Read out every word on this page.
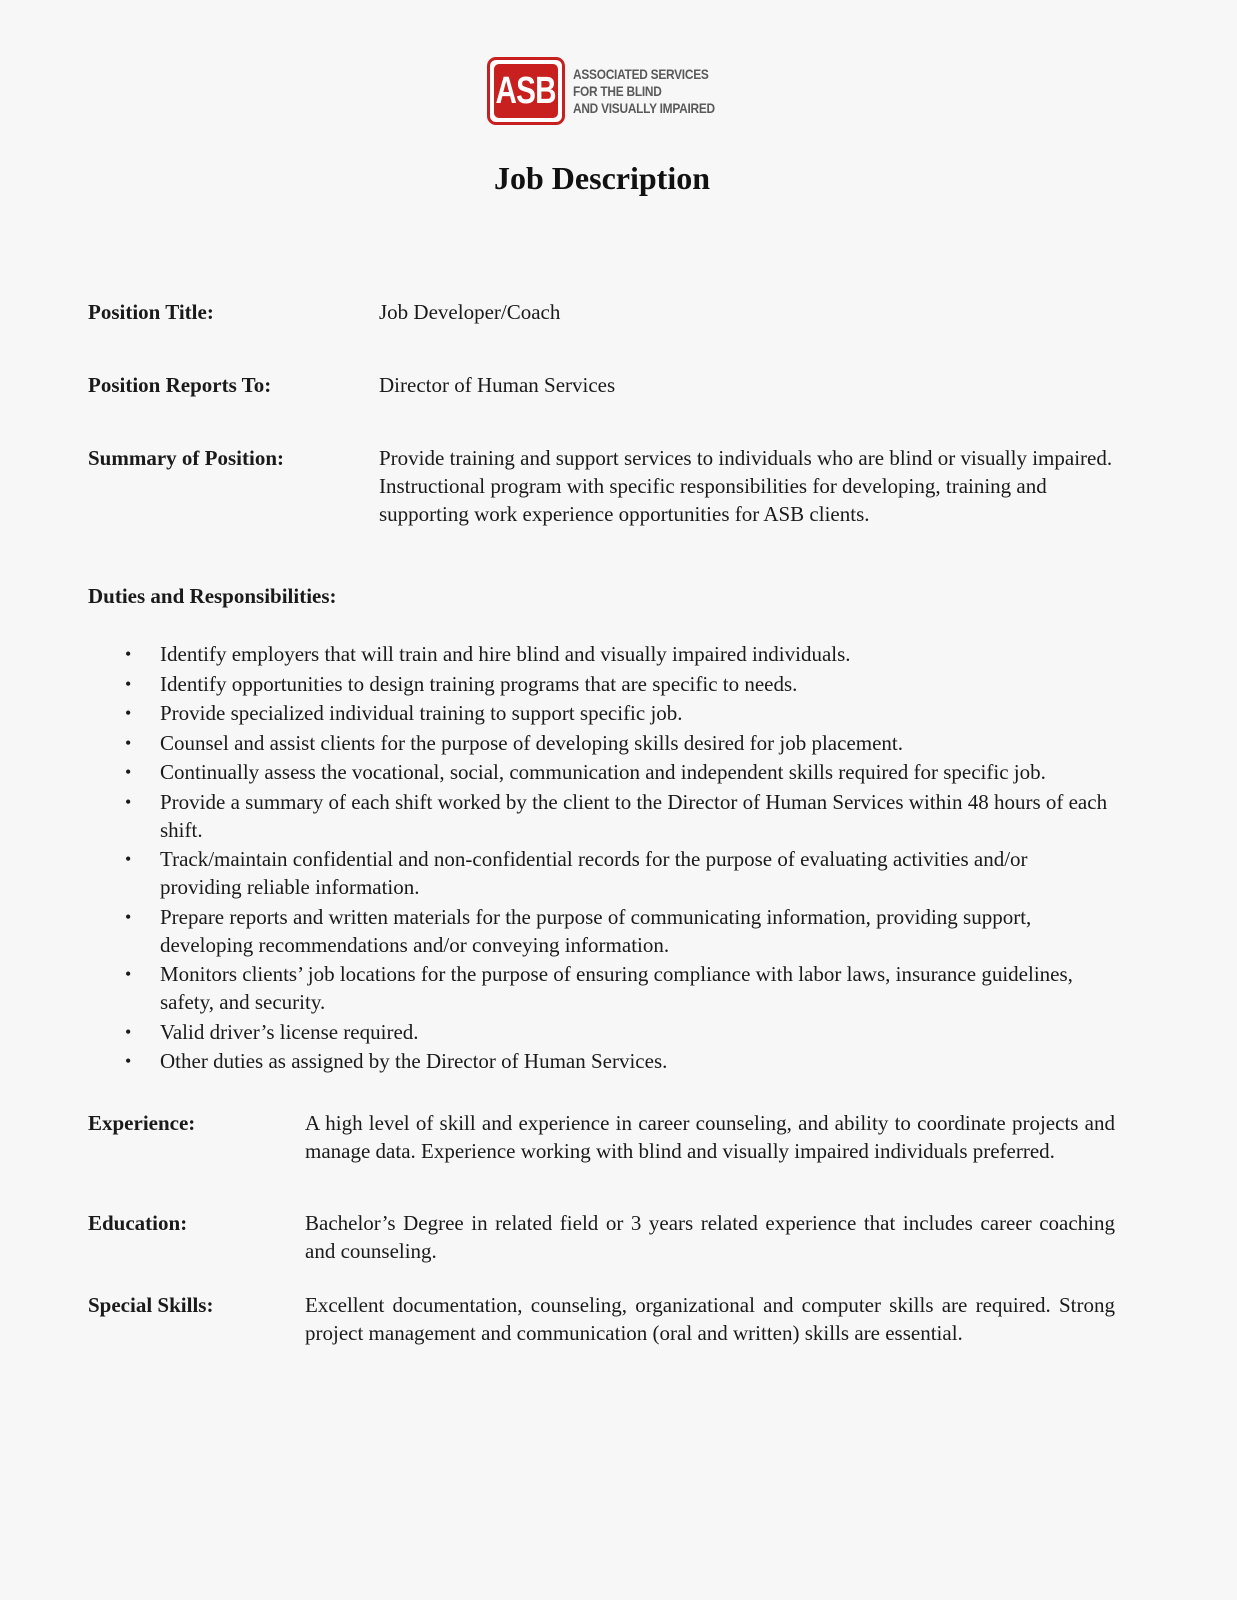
ASB ASSOCIATED SERVICES
FOR THE BLIND
AND VISUALLY IMPAIRED
Job Description
Position Title:	Job Developer/Coach
Position Reports To:	Director of Human Services
Summary of Position:	Provide training and support services to individuals who are blind or visually impaired. Instructional program with specific responsibilities for developing, training and supporting work experience opportunities for ASB clients.
Duties and Responsibilities:
• Identify employers that will train and hire blind and visually impaired individuals.
• Identify opportunities to design training programs that are specific to needs.
• Provide specialized individual training to support specific job.
• Counsel and assist clients for the purpose of developing skills desired for job placement.
• Continually assess the vocational, social, communication and independent skills required for specific job.
• Provide a summary of each shift worked by the client to the Director of Human Services within 48 hours of each shift.
• Track/maintain confidential and non-confidential records for the purpose of evaluating activities and/or providing reliable information.
• Prepare reports and written materials for the purpose of communicating information, providing support, developing recommendations and/or conveying information.
• Monitors clients’ job locations for the purpose of ensuring compliance with labor laws, insurance guidelines, safety, and security.
• Valid driver’s license required.
• Other duties as assigned by the Director of Human Services.
Experience:	A high level of skill and experience in career counseling, and ability to coordinate projects and manage data. Experience working with blind and visually impaired individuals preferred.
Education:	Bachelor’s Degree in related field or 3 years related experience that includes career coaching and counseling.
Special Skills:	Excellent documentation, counseling, organizational and computer skills are required. Strong project management and communication (oral and written) skills are essential.
